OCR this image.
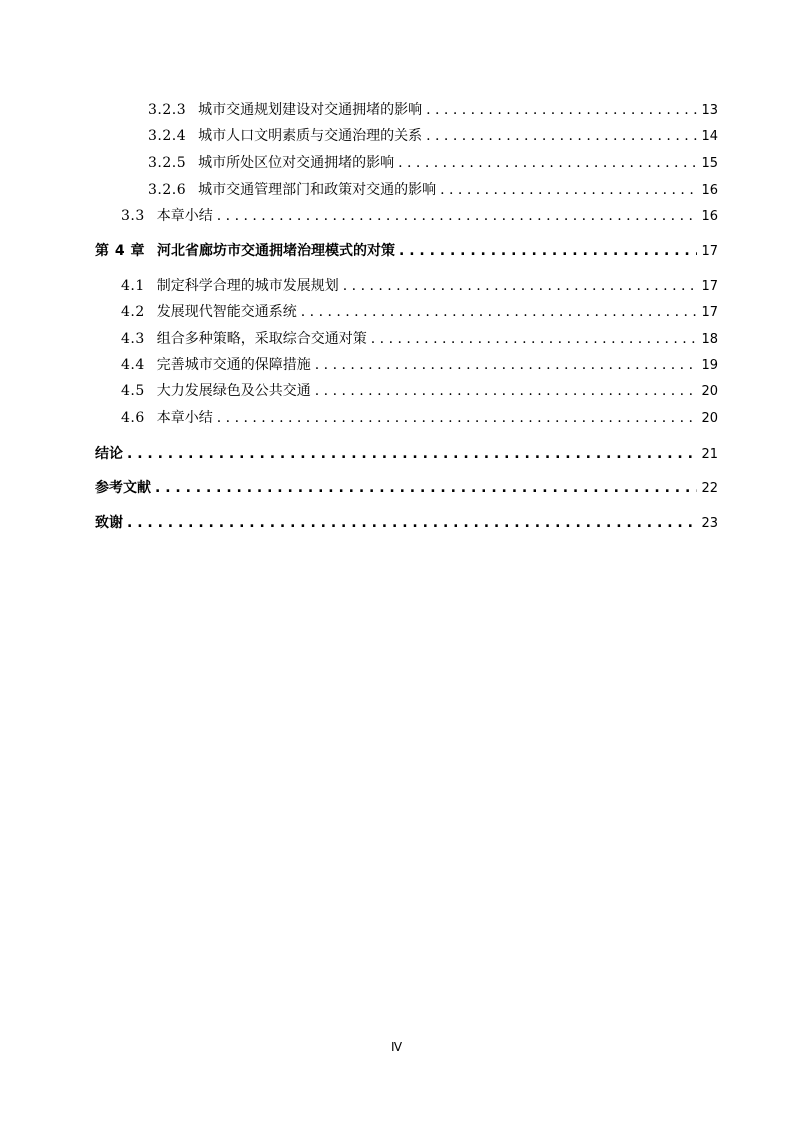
3.2.3 城市交通规划建设对交通拥堵的影响 . . .	13
3.2.4 城市人口文明素质与交通治理的关系 . . .	14
3.2.5 城市所处区位对交通拥堵的影响 . . .	15
3.2.6 城市交通管理部门和政策对交通的影响 . . .	16
3.3 本章小结 . . .	16
第 4 章 河北省廊坊市交通拥堵治理模式的对策 . . .	17
4.1 制定科学合理的城市发展规划 . . .	17
4.2 发展现代智能交通系统 . . .	17
4.3 组合多种策略，采取综合交通对策 . . .	18
4.4 完善城市交通的保障措施 . . .	19
4.5 大力发展绿色及公共交通 . . .	20
4.6 本章小结 . . .	20
结论 . . .	21
参考文献 . . .	22
致谢 . . .	23
Ⅳ
